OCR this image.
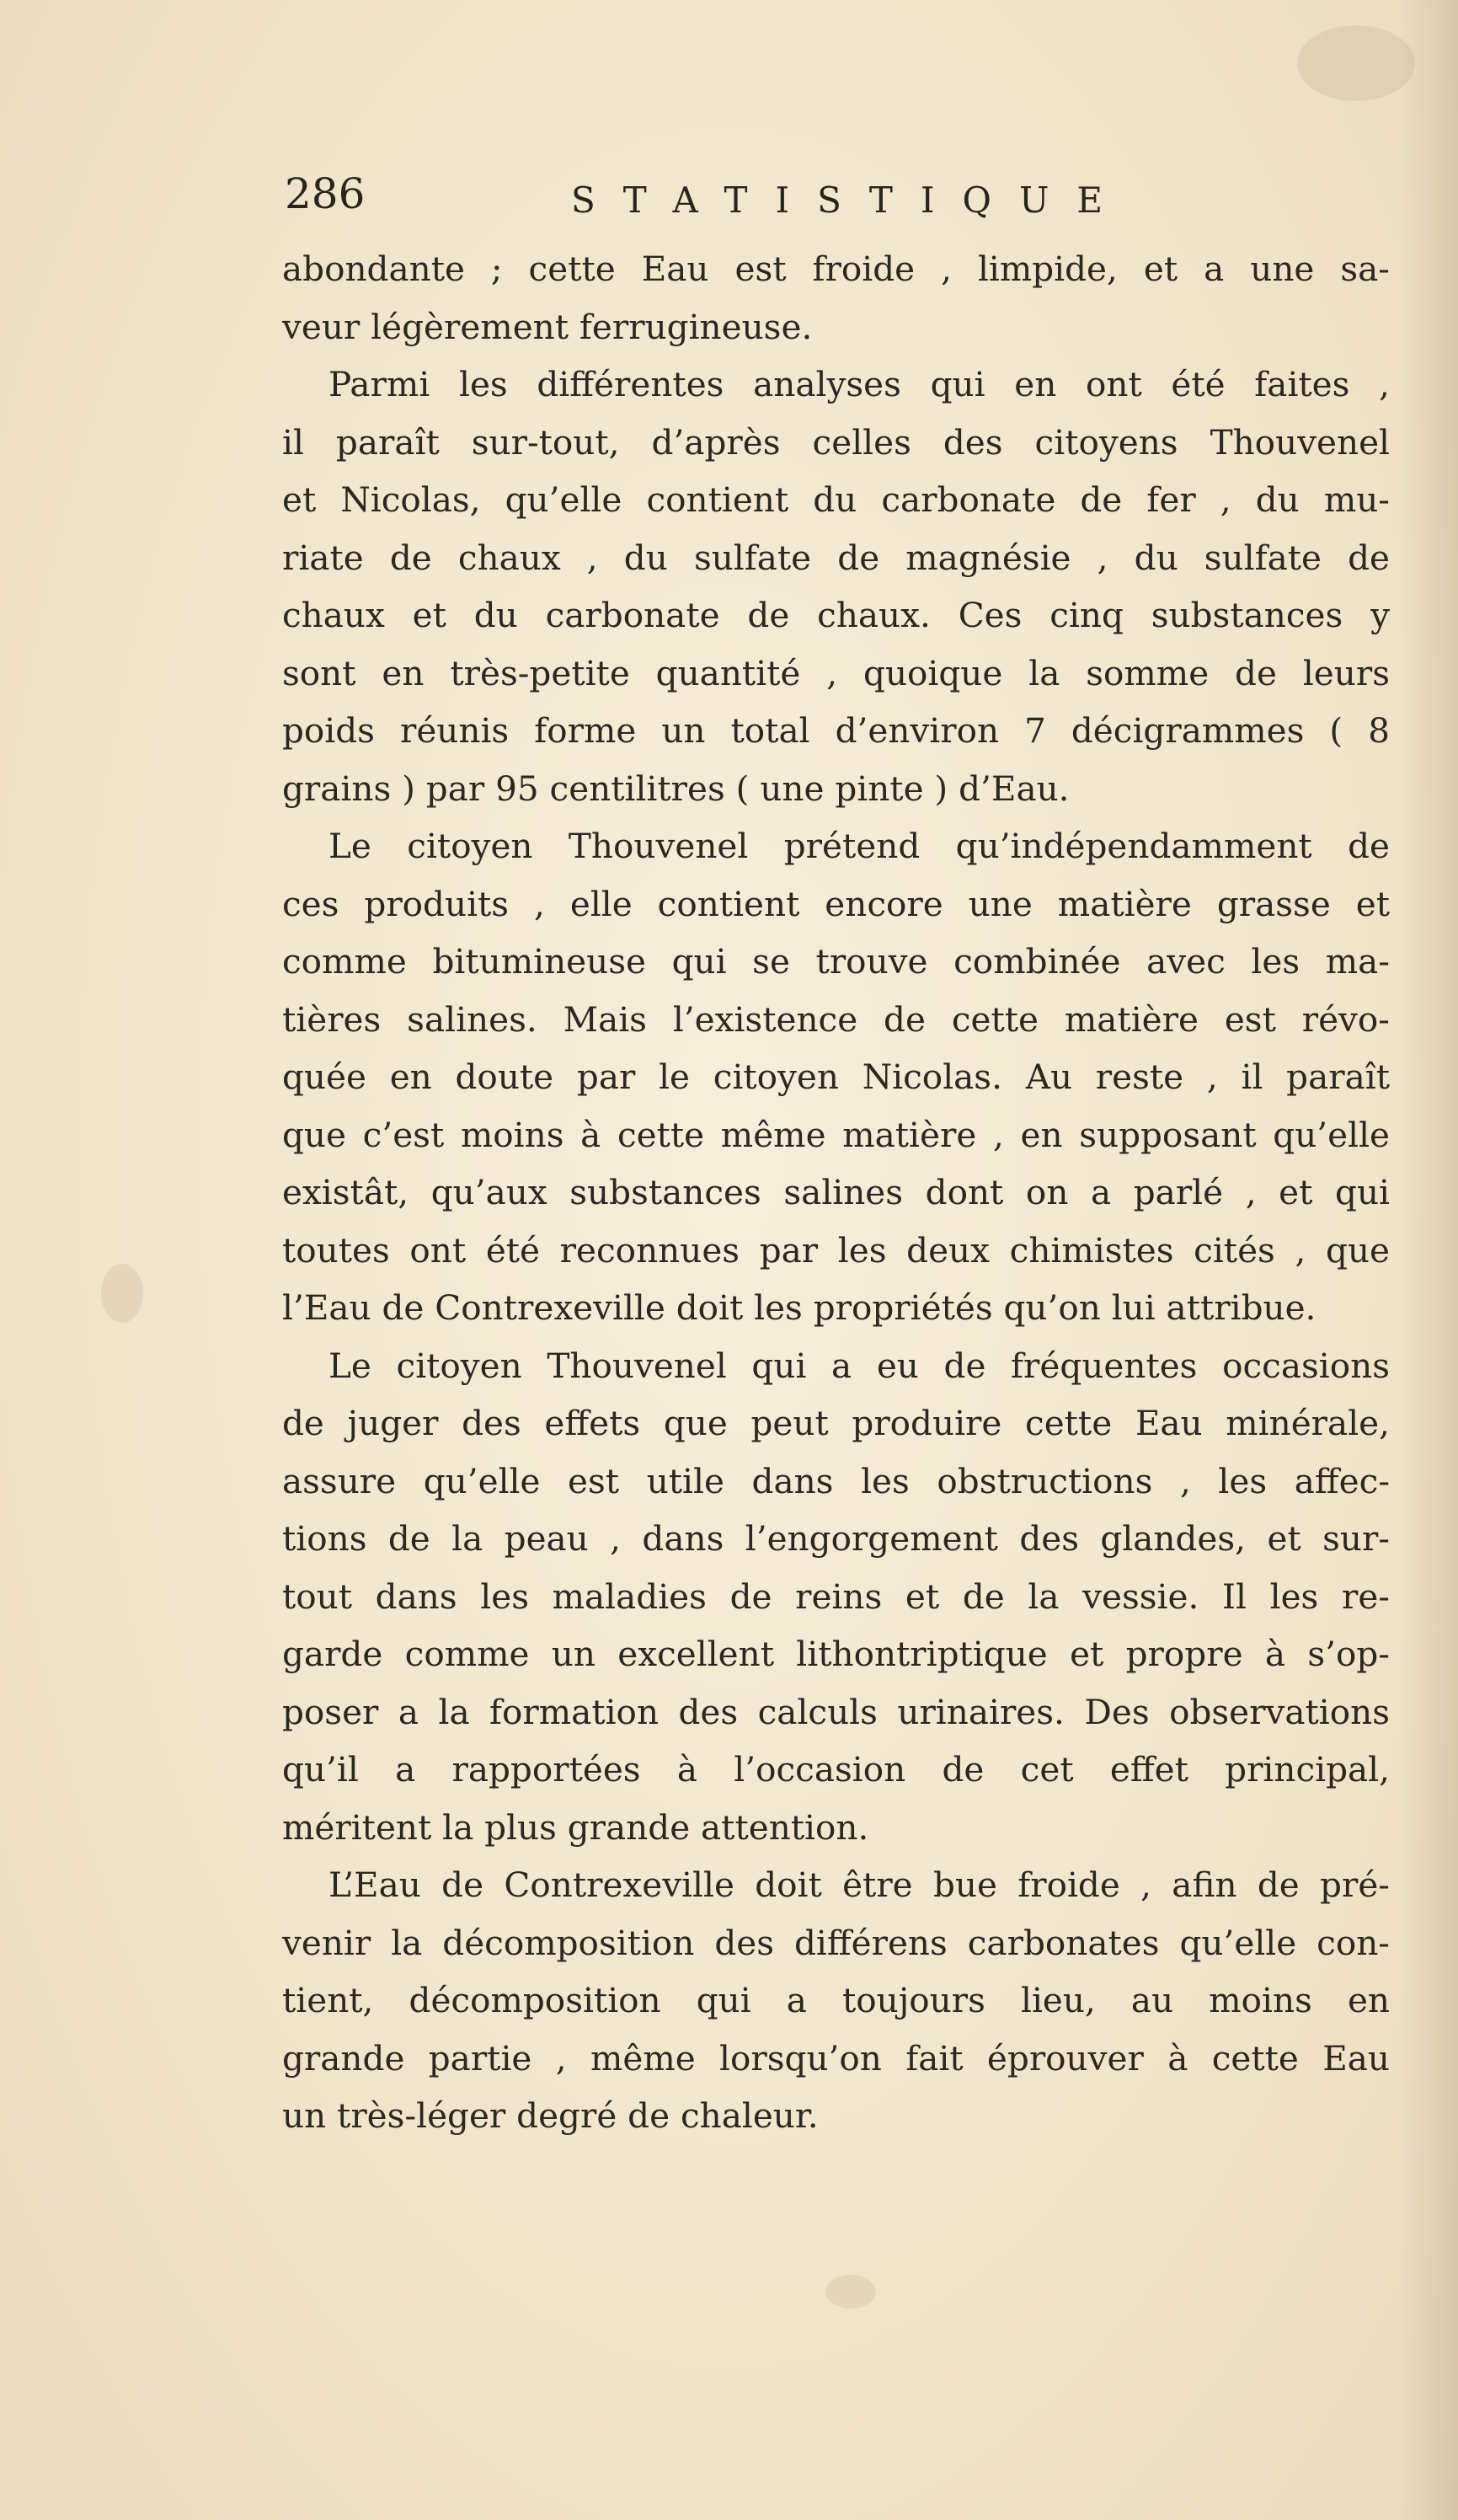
286	STATISTIQUE
abondante ; cette Eau est froide , limpide, et a une sa-
veur légèrement ferrugineuse.
Parmi les différentes analyses qui en ont été faites ,
il paraît sur-tout, d’après celles des citoyens Thouvenel
et Nicolas, qu’elle contient du carbonate de fer , du mu-
riate de chaux , du sulfate de magnésie , du sulfate de
chaux et du carbonate de chaux. Ces cinq substances y
sont en très-petite quantité , quoique la somme de leurs
poids réunis forme un total d’environ 7 décigrammes ( 8
grains ) par 95 centilitres ( une pinte ) d’Eau.
Le citoyen Thouvenel prétend qu’indépendamment de
ces produits , elle contient encore une matière grasse et
comme bitumineuse qui se trouve combinée avec les ma-
tières salines. Mais l’existence de cette matière est révo-
quée en doute par le citoyen Nicolas. Au reste , il paraît
que c’est moins à cette même matière , en supposant qu’elle
existât, qu’aux substances salines dont on a parlé , et qui
toutes ont été reconnues par les deux chimistes cités , que
l’Eau de Contrexeville doit les propriétés qu’on lui attribue.
Le citoyen Thouvenel qui a eu de fréquentes occasions
de juger des effets que peut produire cette Eau minérale,
assure qu’elle est utile dans les obstructions , les affec-
tions de la peau , dans l’engorgement des glandes, et sur-
tout dans les maladies de reins et de la vessie. Il les re-
garde comme un excellent lithontriptique et propre à s’op-
poser a la formation des calculs urinaires. Des observations
qu’il a rapportées à l’occasion de cet effet principal,
méritent la plus grande attention.
L’Eau de Contrexeville doit être bue froide , afin de pré-
venir la décomposition des différens carbonates qu’elle con-
tient, décomposition qui a toujours lieu, au moins en
grande partie , même lorsqu’on fait éprouver à cette Eau
un très-léger degré de chaleur.
